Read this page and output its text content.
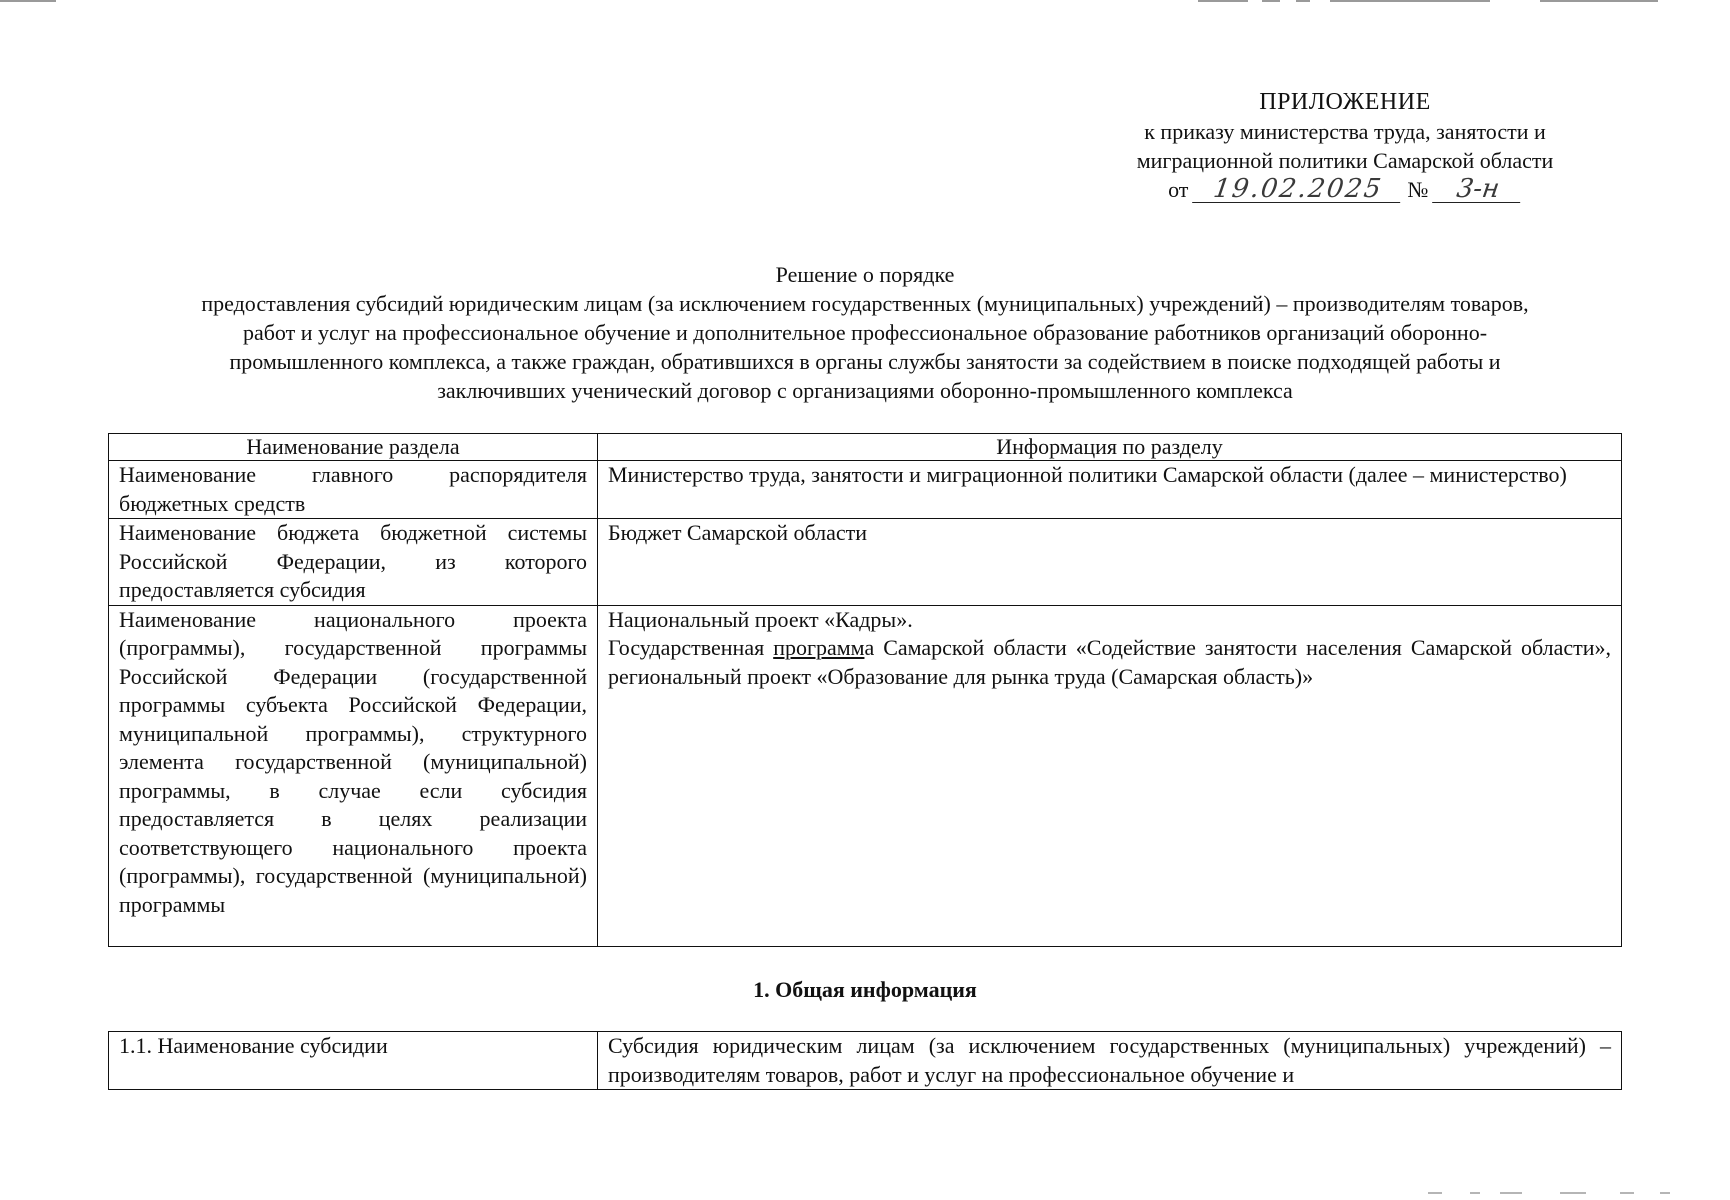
ПРИЛОЖЕНИЕ
к приказу министерства труда, занятости и
миграционной политики Самарской области
от 19.02.2025 № 3-н
Решение о порядке
предоставления субсидий юридическим лицам (за исключением государственных (муниципальных) учреждений) – производителям товаров,
работ и услуг на профессиональное обучение и дополнительное профессиональное образование работников организаций оборонно-
промышленного комплекса, а также граждан, обратившихся в органы службы занятости за содействием в поиске подходящей работы и
заключивших ученический договор с организациями оборонно-промышленного комплекса
Наименование раздела	Информация по разделу
Наименование главного распорядителя бюджетных средств	Министерство труда, занятости и миграционной политики Самарской области (далее – министерство)
Наименование бюджета бюджетной системы Российской Федерации, из которого предоставляется субсидия	Бюджет Самарской области
Наименование национального проекта (программы), государственной программы Российской Федерации (государственной программы субъекта Российской Федерации, муниципальной программы), структурного элемента государственной (муниципальной) программы, в случае если субсидия предоставляется в целях реализации соответствующего национального проекта (программы), государственной (муниципальной) программы	Национальный проект «Кадры».
Государственная программа Самарской области «Содействие занятости населения Самарской области», региональный проект «Образование для рынка труда (Самарская область)»
1. Общая информация
1.1. Наименование субсидии	Субсидия юридическим лицам (за исключением государственных (муниципальных) учреждений) – производителям товаров, работ и услуг на профессиональное обучение и
